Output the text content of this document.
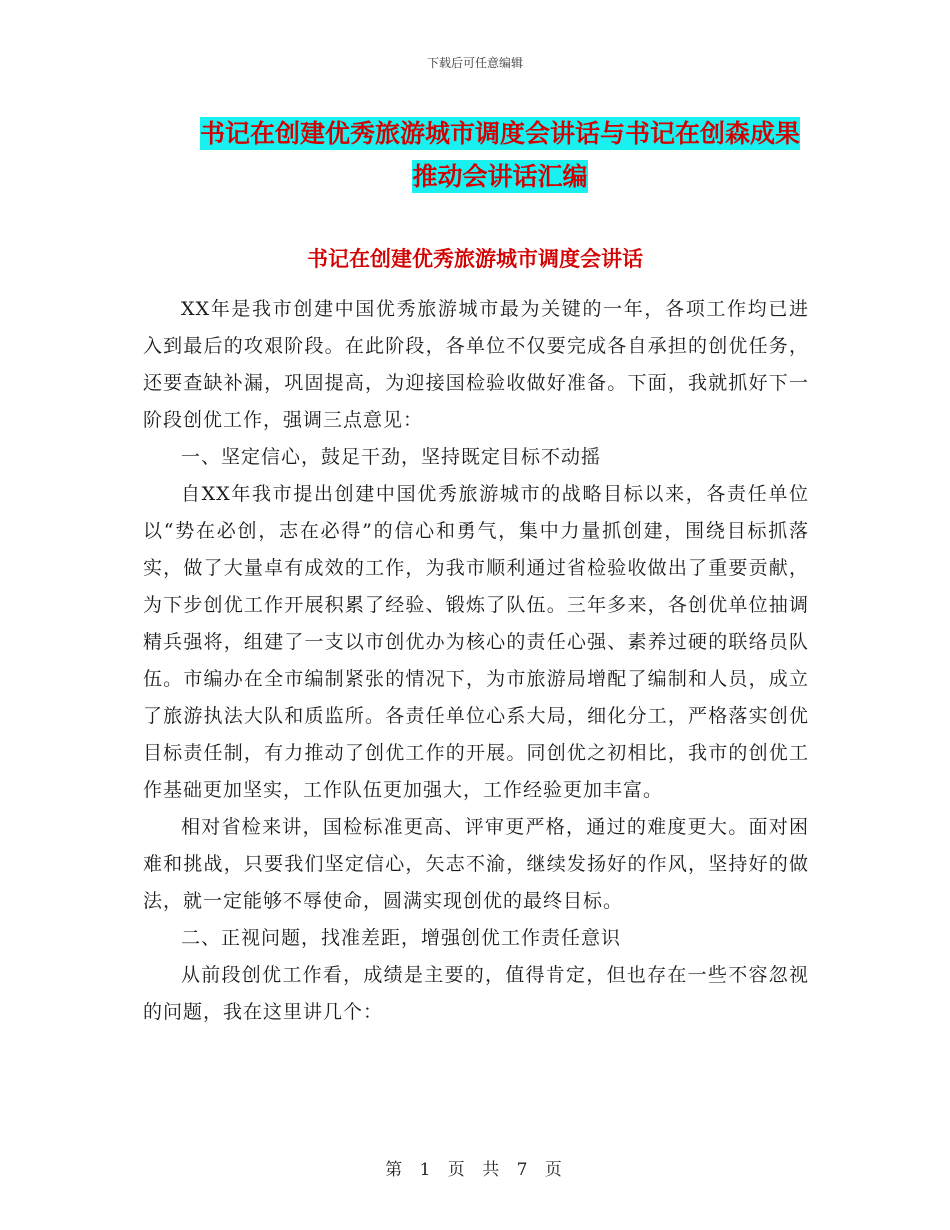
下载后可任意编辑
书记在创建优秀旅游城市调度会讲话与书记在创森成果推动会讲话汇编
书记在创建优秀旅游城市调度会讲话

XX年是我市创建中国优秀旅游城市最为关键的一年，各项工作均已进入到最后的攻艰阶段。在此阶段，各单位不仅要完成各自承担的创优任务，还要查缺补漏，巩固提高，为迎接国检验收做好准备。下面，我就抓好下一阶段创优工作，强调三点意见：

一、坚定信心，鼓足干劲，坚持既定目标不动摇

自XX年我市提出创建中国优秀旅游城市的战略目标以来，各责任单位以“势在必创，志在必得”的信心和勇气，集中力量抓创建，围绕目标抓落实，做了大量卓有成效的工作，为我市顺利通过省检验收做出了重要贡献，为下步创优工作开展积累了经验、锻炼了队伍。三年多来，各创优单位抽调精兵强将，组建了一支以市创优办为核心的责任心强、素养过硬的联络员队伍。市编办在全市编制紧张的情况下，为市旅游局增配了编制和人员，成立了旅游执法大队和质监所。各责任单位心系大局，细化分工，严格落实创优目标责任制，有力推动了创优工作的开展。同创优之初相比，我市的创优工作基础更加坚实，工作队伍更加强大，工作经验更加丰富。

相对省检来讲，国检标准更高、评审更严格，通过的难度更大。面对困难和挑战，只要我们坚定信心，矢志不渝，继续发扬好的作风，坚持好的做法，就一定能够不辱使命，圆满实现创优的最终目标。

二、正视问题，找准差距，增强创优工作责任意识

从前段创优工作看，成绩是主要的，值得肯定，但也存在一些不容忽视的问题，我在这里讲几个：

第 1 页 共 7 页
